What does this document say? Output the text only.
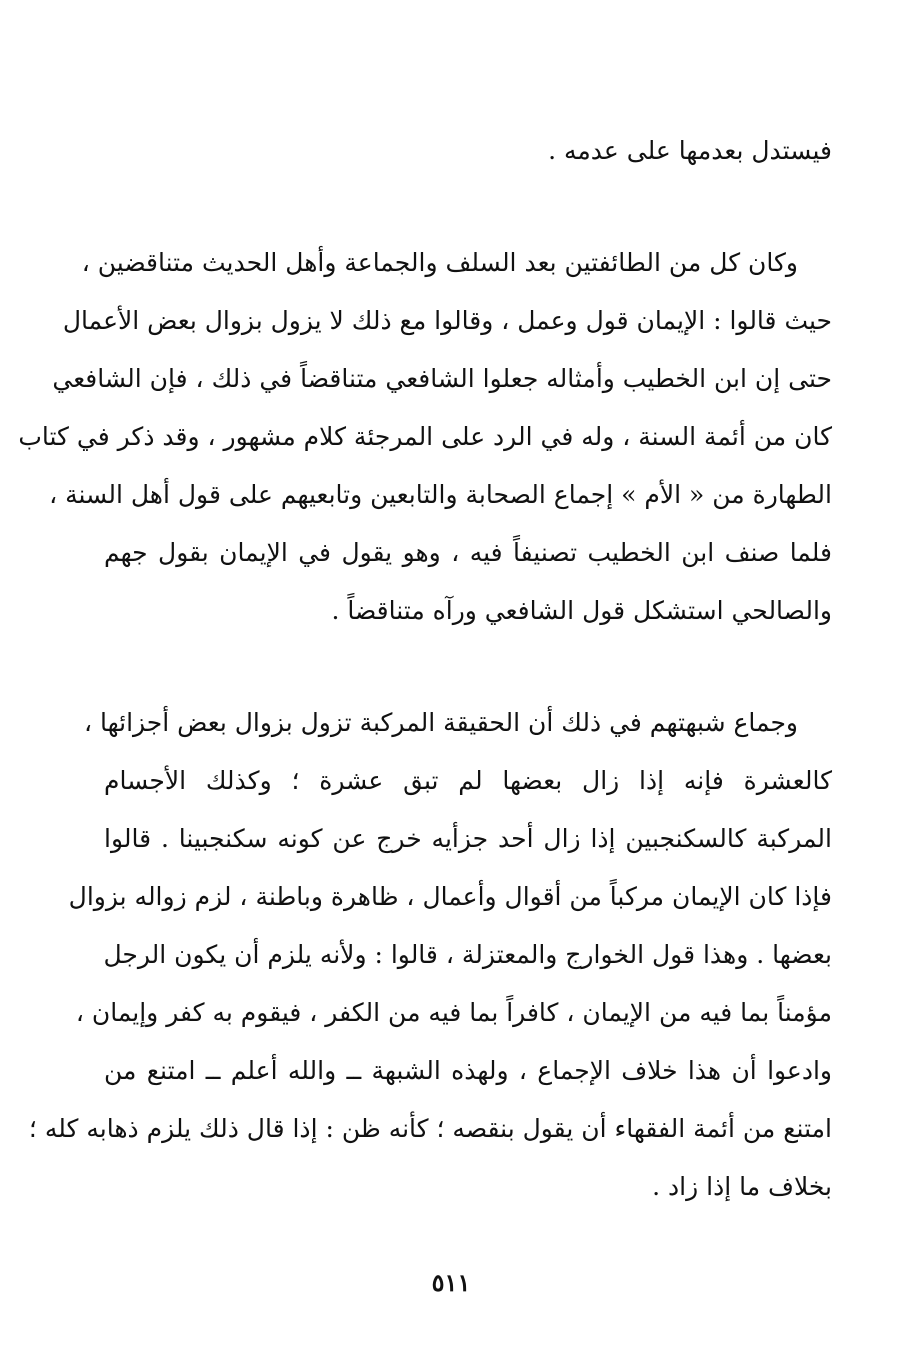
فيستدل بعدمها على عدمه .
وكان كل من الطائفتين بعد السلف والجماعة وأهل الحديث متناقضين ،
حيث قالوا : الإيمان قول وعمل ، وقالوا مع ذلك لا يزول بزوال بعض الأعمال
حتى إن ابن الخطيب وأمثاله جعلوا الشافعي متناقضاً في ذلك ، فإن الشافعي
كان من أئمة السنة ، وله في الرد على المرجئة كلام مشهور ، وقد ذكر في كتاب
الطهارة من « الأم » إجماع الصحابة والتابعين وتابعيهم على قول أهل السنة ،
فلما صنف ابن الخطيب تصنيفاً فيه ، وهو يقول في الإيمان بقول جهم
والصالحي استشكل قول الشافعي ورآه متناقضاً .
وجماع شبهتهم في ذلك أن الحقيقة المركبة تزول بزوال بعض أجزائها ،
كالعشرة فإنه إذا زال بعضها لم تبق عشرة ؛ وكذلك الأجسام
المركبة كالسكنجبين إذا زال أحد جزأيه خرج عن كونه سكنجبينا . قالوا
فإذا كان الإيمان مركباً من أقوال وأعمال ، ظاهرة وباطنة ، لزم زواله بزوال
بعضها . وهذا قول الخوارج والمعتزلة ، قالوا : ولأنه يلزم أن يكون الرجل
مؤمناً بما فيه من الإيمان ، كافراً بما فيه من الكفر ، فيقوم به كفر وإيمان ،
وادعوا أن هذا خلاف الإجماع ، ولهذه الشبهة ــ والله أعلم ــ امتنع من
امتنع من أئمة الفقهاء أن يقول بنقصه ؛ كأنه ظن : إذا قال ذلك يلزم ذهابه كله ؛
بخلاف ما إذا زاد .
٥١١
